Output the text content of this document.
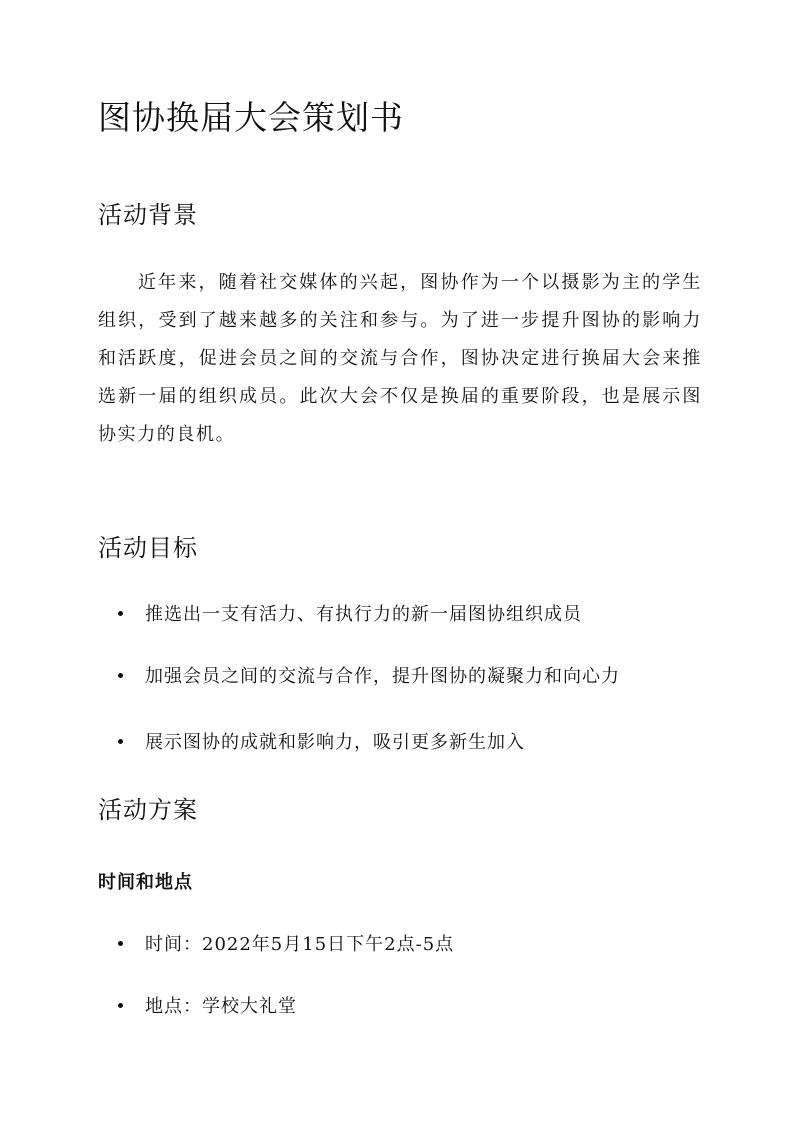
图协换届大会策划书
活动背景

近年来，随着社交媒体的兴起，图协作为一个以摄影为主的学生组织，受到了越来越多的关注和参与。为了进一步提升图协的影响力和活跃度，促进会员之间的交流与合作，图协决定进行换届大会来推选新一届的组织成员。此次大会不仅是换届的重要阶段，也是展示图协实力的良机。

活动目标
推选出一支有活力、有执行力的新一届图协组织成员
加强会员之间的交流与合作，提升图协的凝聚力和向心力
展示图协的成就和影响力，吸引更多新生加入
活动方案
时间和地点
时间：2022年5月15日下午2点-5点
地点：学校大礼堂
